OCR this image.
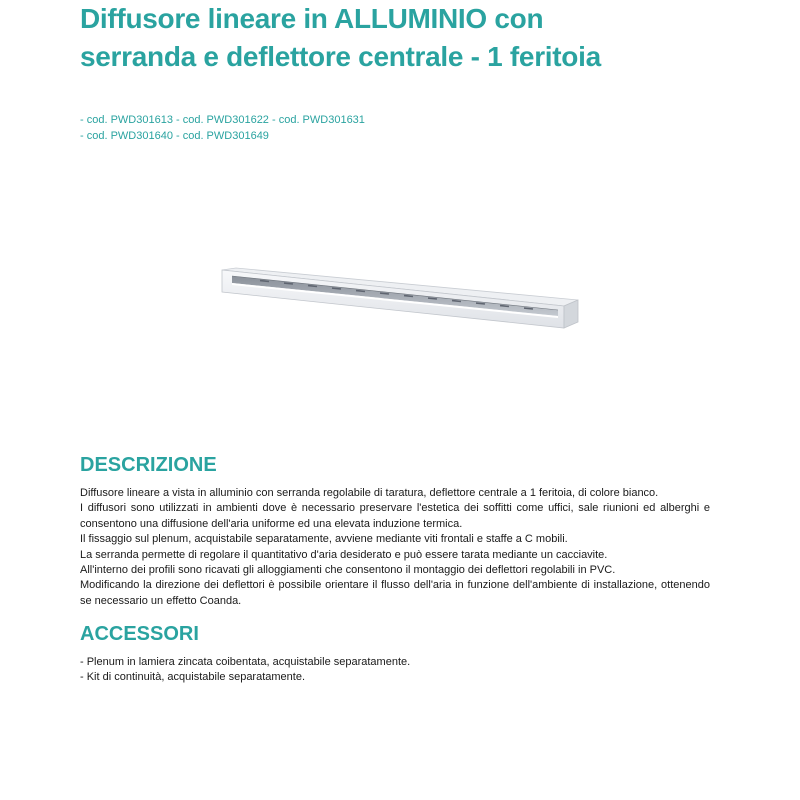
Diffusore lineare in ALLUMINIO con
serranda e deflettore centrale - 1 feritoia
- cod. PWD301613 - cod. PWD301622 - cod. PWD301631
- cod. PWD301640 - cod. PWD301649
DESCRIZIONE

Diffusore lineare a vista in alluminio con serranda regolabile di taratura, deflettore centrale a 1 feritoia, di colore bianco.

I diffusori sono utilizzati in ambienti dove è necessario preservare l'estetica dei soffitti come uffici, sale riunioni ed alberghi e consentono una diffusione dell'aria uniforme ed una elevata induzione termica.

Il fissaggio sul plenum, acquistabile separatamente, avviene mediante viti frontali e staffe a C mobili.

La serranda permette di regolare il quantitativo d'aria desiderato e può essere tarata mediante un cacciavite.

All'interno dei profili sono ricavati gli alloggiamenti che consentono il montaggio dei deflettori regolabili in PVC.

Modificando la direzione dei deflettori è possibile orientare il flusso dell'aria in funzione dell'ambiente di installazione, ottenendo se necessario un effetto Coanda.

ACCESSORI
- Plenum in lamiera zincata coibentata, acquistabile separatamente.
- Kit di continuità, acquistabile separatamente.
